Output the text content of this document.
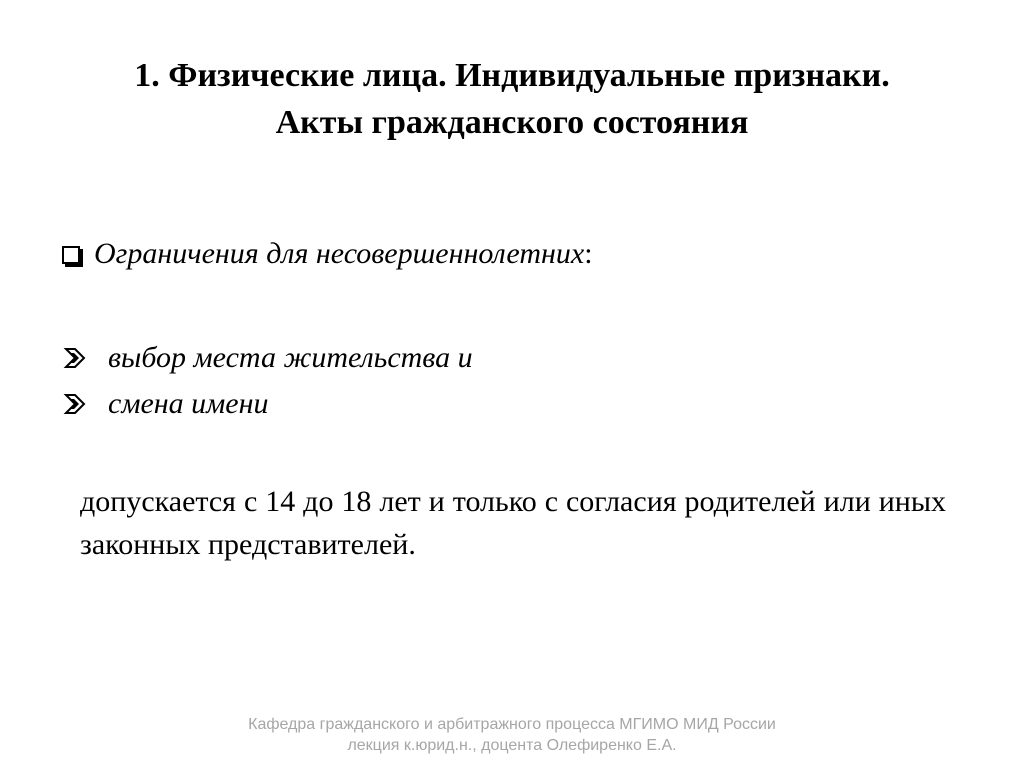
1. Физические лица. Индивидуальные признаки.
Акты гражданского состояния
Ограничения для несовершеннолетних :
выбор места жительства и
смена имени

допускается с 14 до 18 лет и только с согласия родителей или иных законных представителей.

Кафедра гражданского и арбитражного процесса МГИМО МИД России
лекция к.юрид.н., доцента Олефиренко Е.А.
